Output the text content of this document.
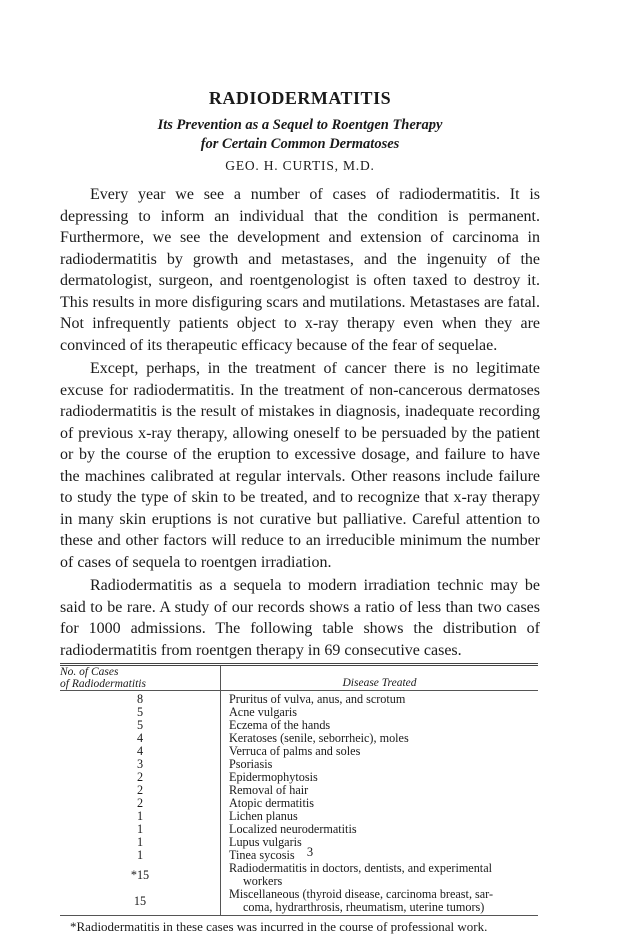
RADIODERMATITIS
Its Prevention as a Sequel to Roentgen Therapy
for Certain Common Dermatoses
GEO. H. CURTIS, M.D.

Every year we see a number of cases of radiodermatitis. It is depressing to inform an individual that the condition is permanent. Furthermore, we see the development and extension of carcinoma in radiodermatitis by growth and metastases, and the ingenuity of the dermatologist, surgeon, and roentgenologist is often taxed to destroy it. This results in more disfiguring scars and mutilations. Metastases are fatal. Not infrequently patients object to x-ray therapy even when they are convinced of its therapeutic efficacy because of the fear of sequelae.

Except, perhaps, in the treatment of cancer there is no legitimate excuse for radiodermatitis. In the treatment of non-cancerous dermatoses radiodermatitis is the result of mistakes in diagnosis, inadequate recording of previous x-ray therapy, allowing oneself to be persuaded by the patient or by the course of the eruption to excessive dosage, and failure to have the machines calibrated at regular intervals. Other reasons include failure to study the type of skin to be treated, and to recognize that x-ray therapy in many skin eruptions is not curative but palliative. Careful attention to these and other factors will reduce to an irreducible minimum the number of cases of sequela to roentgen irradiation.

Radiodermatitis as a sequela to modern irradiation technic may be said to be rare. A study of our records shows a ratio of less than two cases for 1000 admissions. The following table shows the distribution of radiodermatitis from roentgen therapy in 69 consecutive cases.

No. of Cases
of Radiodermatitis	Disease Treated
8	Pruritus of vulva, anus, and scrotum
5	Acne vulgaris
5	Eczema of the hands
4	Keratoses (senile, seborrheic), moles
4	Verruca of palms and soles
3	Psoriasis
2	Epidermophytosis
2	Removal of hair
2	Atopic dermatitis
1	Lichen planus
1	Localized neurodermatitis
1	Lupus vulgaris
1	Tinea sycosis
*15	Radiodermatitis in doctors, dentists, and experimental
workers

15	Miscellaneous (thyroid disease, carcinoma breast, sar-
coma, hydrarthrosis, rheumatism, uterine tumors)
*Radiodermatitis in these cases was incurred in the course of professional work.
3
